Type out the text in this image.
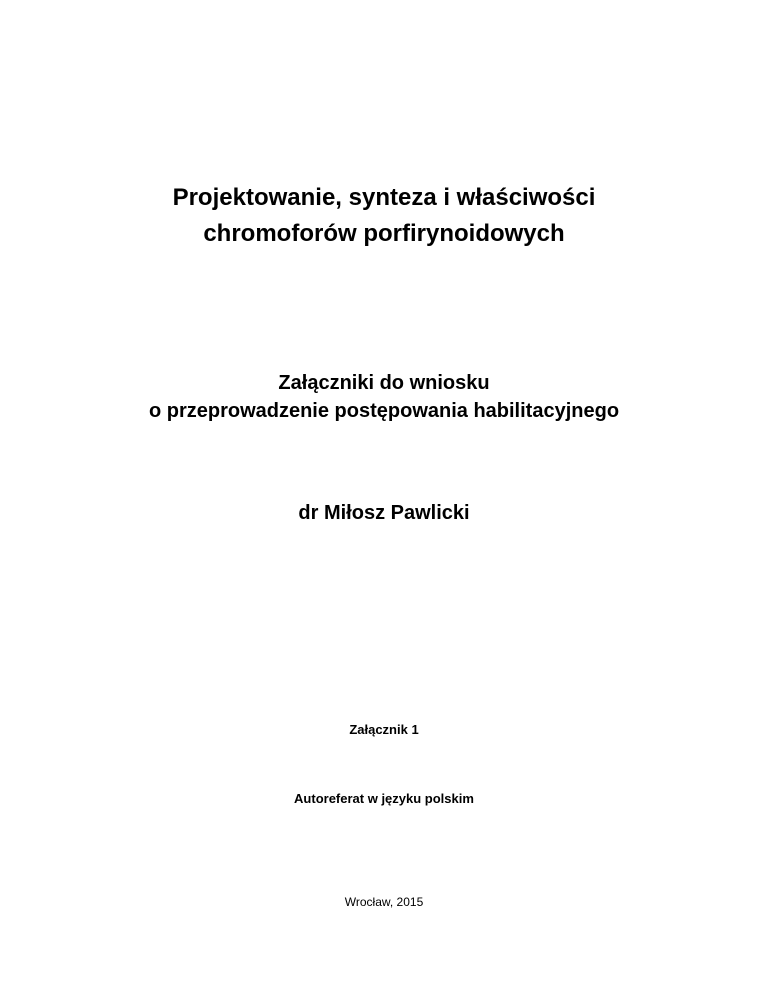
Projektowanie, synteza i właściwości
chromoforów porfirynoidowych
Załączniki do wniosku
o przeprowadzenie postępowania habilitacyjnego
dr Miłosz Pawlicki
Załącznik 1
Autoreferat w języku polskim
Wrocław, 2015
